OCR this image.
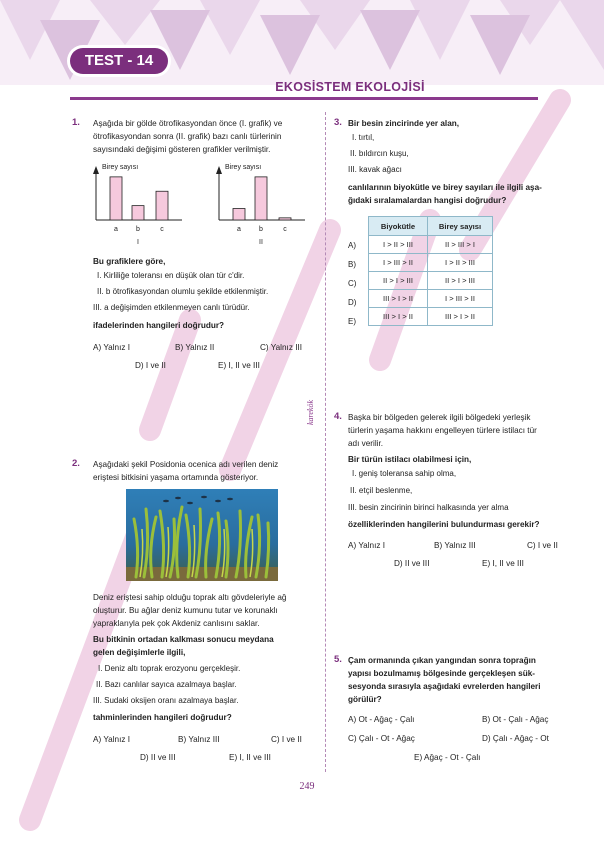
TEST - 14
EKOSİSTEM EKOLOJİSİ
karekök
1. Aşağıda bir gölde ötrofikasyondan önce (I. grafik) ve
ötrofikasyondan sonra (II. grafik) bazı canlı türlerinin
sayısındaki değişimi gösteren grafikler verilmiştir.
Birey sayısı
a	b	c
I
Birey sayısı
a	b	c
II
Bu grafiklere göre,
I. Kirliliğe toleransı en düşük olan tür c'dir.
II. b ötrofikasyondan olumlu şekilde etkilenmiştir.
III. a değişimden etkilenmeyen canlı türüdür.
ifadelerinden hangileri doğrudur?
A) Yalnız I	B) Yalnız II	C) Yalnız III
D) I ve II	E) I, II ve III
2. Aşağıdaki şekil Posidonia ocenica adı verilen deniz
eriştesi bitkisini yaşama ortamında gösteriyor.
Deniz eriştesi sahip olduğu toprak altı gövdeleriyle ağ
oluşturur. Bu ağlar deniz kumunu tutar ve korunaklı
yapraklarıyla pek çok Akdeniz canlısını saklar.
Bu bitkinin ortadan kalkması sonucu meydana
gelen değişimlerle ilgili,
I. Deniz altı toprak erozyonu gerçekleşir.
II. Bazı canlılar sayıca azalmaya başlar.
III. Sudaki oksijen oranı azalmaya başlar.
tahminlerinden hangileri doğrudur?
A) Yalnız I	B) Yalnız III	C) I ve II
D) II ve III	E) I, II ve III
3. Bir besin zincirinde yer alan,
I. tırtıl,
II. bıldırcın kuşu,
III. kavak ağacı
canlılarının biyokütle ve birey sayıları ile ilgili aşa-
ğıdaki sıralamalardan hangisi doğrudur?
A)
B)
C)
D)
E)
Biyokütle	Birey sayısı
I > II > III	II > III > I
I > III > II	I > II > III
II > I > III	II > I > III
III > I > II	I > III > II
III > I > II	III > I > II
4. Başka bir bölgeden gelerek ilgili bölgedeki yerleşik
türlerin yaşama hakkını engelleyen türlere istilacı tür
adı verilir.
Bir türün istilacı olabilmesi için,
I. geniş toleransa sahip olma,
II. etçil beslenme,
III. besin zincirinin birinci halkasında yer alma
özelliklerinden hangilerini bulundurması gerekir?
A) Yalnız I	B) Yalnız III	C) I ve II
D) II ve III	E) I, II ve III
5. Çam ormanında çıkan yangından sonra toprağın
yapısı bozulmamış bölgesinde gerçekleşen sük-
sesyonda sırasıyla aşağıdaki evrelerden hangileri
görülür?
A) Ot - Ağaç - Çalı	B) Ot - Çalı - Ağaç
C) Çalı - Ot - Ağaç	D) Çalı - Ağaç - Ot
E) Ağaç - Ot - Çalı
249
